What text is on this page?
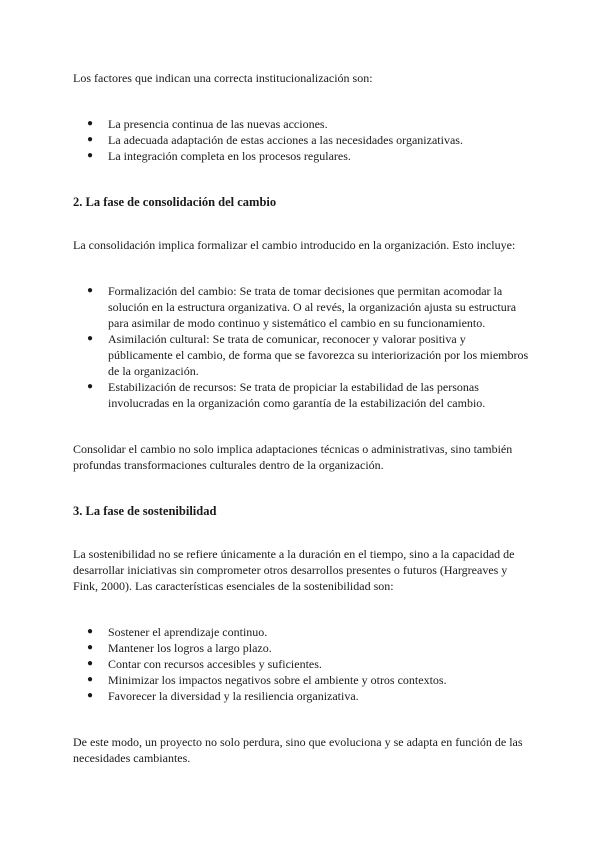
Los factores que indican una correcta institucionalización son:

● La presencia continua de las nuevas acciones.
● La adecuada adaptación de estas acciones a las necesidades organizativas.
● La integración completa en los procesos regulares.
2. La fase de consolidación del cambio

La consolidación implica formalizar el cambio introducido en la organización. Esto incluye:

● Formalización del cambio: Se trata de tomar decisiones que permitan acomodar la solución en la estructura organizativa. O al revés, la organización ajusta su estructura para asimilar de modo continuo y sistemático el cambio en su funcionamiento.
● Asimilación cultural: Se trata de comunicar, reconocer y valorar positiva y públicamente el cambio, de forma que se favorezca su interiorización por los miembros de la organización.
● Estabilización de recursos: Se trata de propiciar la estabilidad de las personas involucradas en la organización como garantía de la estabilización del cambio.

Consolidar el cambio no solo implica adaptaciones técnicas o administrativas, sino también profundas transformaciones culturales dentro de la organización.

3. La fase de sostenibilidad

La sostenibilidad no se refiere únicamente a la duración en el tiempo, sino a la capacidad de desarrollar iniciativas sin comprometer otros desarrollos presentes o futuros (Hargreaves y Fink, 2000). Las características esenciales de la sostenibilidad son:

● Sostener el aprendizaje continuo.
● Mantener los logros a largo plazo.
● Contar con recursos accesibles y suficientes.
● Minimizar los impactos negativos sobre el ambiente y otros contextos.
● Favorecer la diversidad y la resiliencia organizativa.

De este modo, un proyecto no solo perdura, sino que evoluciona y se adapta en función de las necesidades cambiantes.
